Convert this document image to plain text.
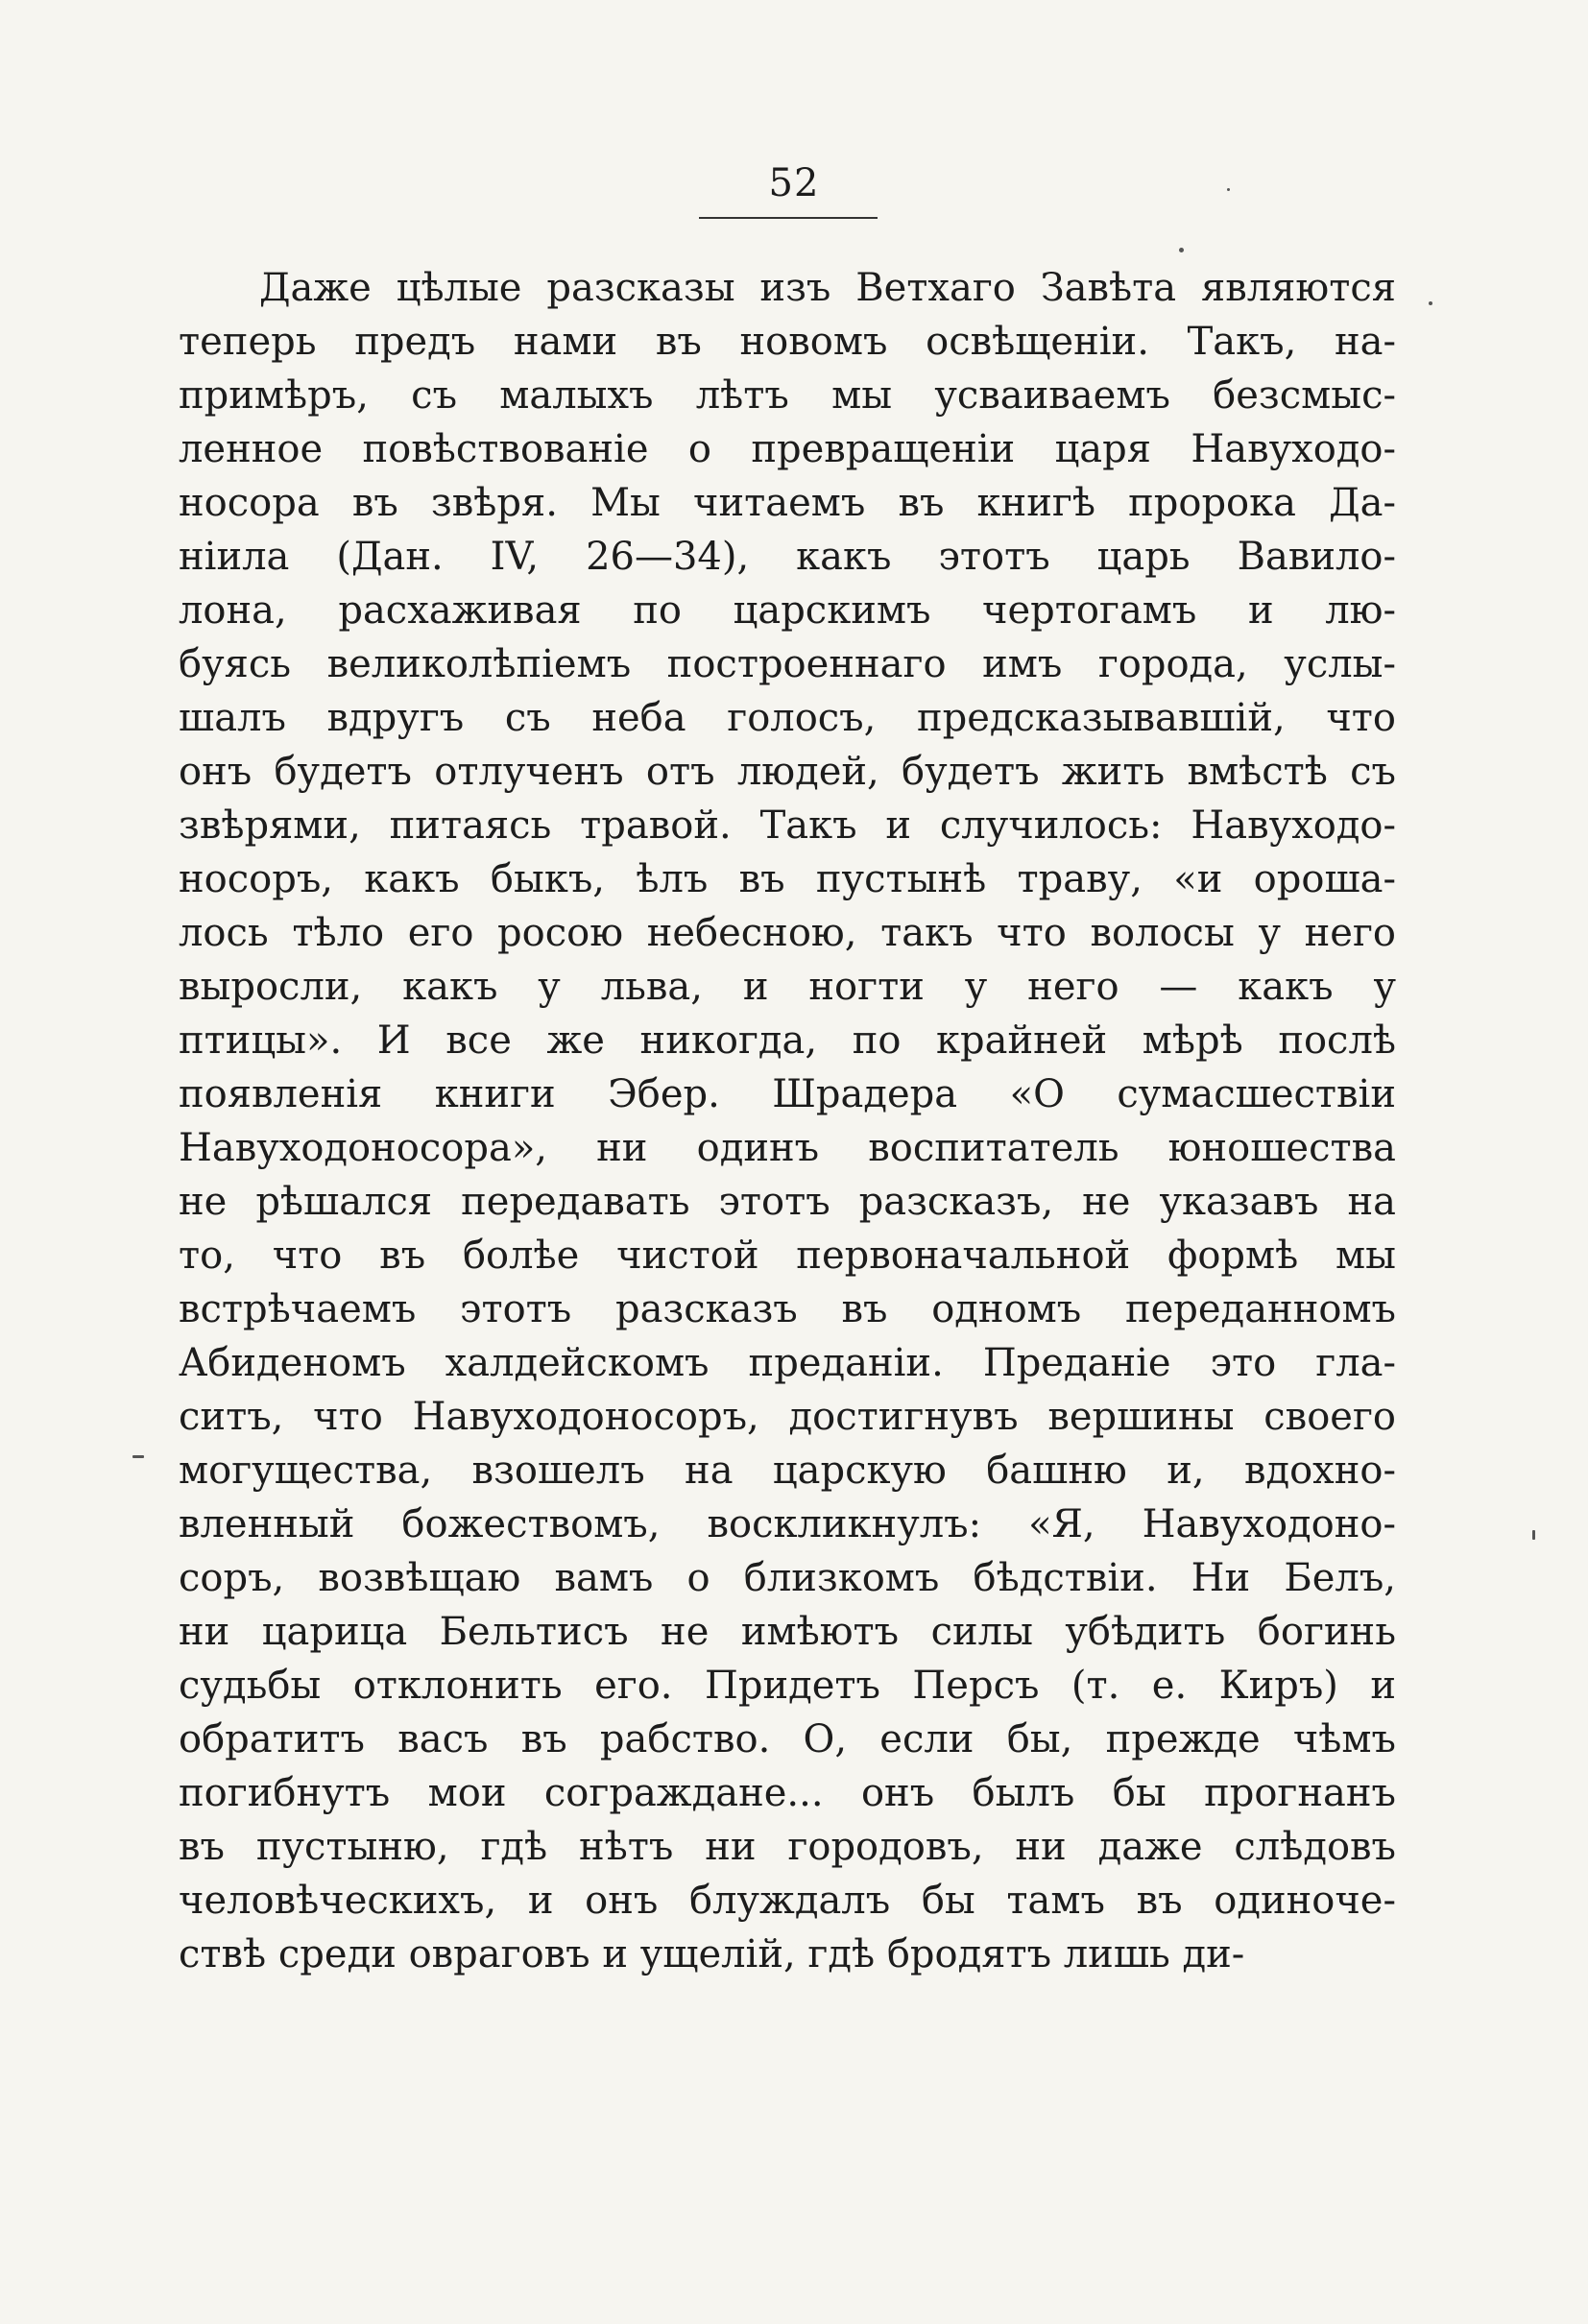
52
Даже цѣлые разсказы изъ Ветхаго Завѣта являются
теперь предъ нами въ новомъ освѣщеніи. Такъ, на-
примѣръ, съ малыхъ лѣтъ мы усваиваемъ безсмыс-
ленное повѣствованіе о превращеніи царя Навуходо-
носора въ звѣря. Мы читаемъ въ книгѣ пророка Да-
ніила (Дан. IV, 26—34), какъ этотъ царь Вавило-
лона, расхаживая по царскимъ чертогамъ и лю-
буясь великолѣпіемъ построеннаго имъ города, услы-
шалъ вдругъ съ неба голосъ, предсказывавшій, что
онъ будетъ отлученъ отъ людей, будетъ жить вмѣстѣ съ
звѣрями, питаясь травой. Такъ и случилось: Навуходо-
носоръ, какъ быкъ, ѣлъ въ пустынѣ траву, «и ороша-
лось тѣло его росою небесною, такъ что волосы у него
выросли, какъ у льва, и ногти у него — какъ у
птицы». И все же никогда, по крайней мѣрѣ послѣ
появленія книги Эбер. Шрадера «О сумасшествіи
Навуходоносора», ни одинъ воспитатель юношества
не рѣшался передавать этотъ разсказъ, не указавъ на
то, что въ болѣе чистой первоначальной формѣ мы
встрѣчаемъ этотъ разсказъ въ одномъ переданномъ
Абиденомъ халдейскомъ преданіи. Преданіе это гла-
ситъ, что Навуходоносоръ, достигнувъ вершины своего
могущества, взошелъ на царскую башню и, вдохно-
вленный божествомъ, воскликнулъ: «Я, Навуходоно-
соръ, возвѣщаю вамъ о близкомъ бѣдствіи. Ни Белъ,
ни царица Бельтисъ не имѣютъ силы убѣдить богинь
судьбы отклонить его. Придетъ Персъ (т. е. Киръ) и
обратитъ васъ въ рабство. О, если бы, прежде чѣмъ
погибнутъ мои сограждане... онъ былъ бы прогнанъ
въ пустыню, гдѣ нѣтъ ни городовъ, ни даже слѣдовъ
человѣческихъ, и онъ блуждалъ бы тамъ въ одиноче-
ствѣ среди овраговъ и ущелій, гдѣ бродятъ лишь ди-
